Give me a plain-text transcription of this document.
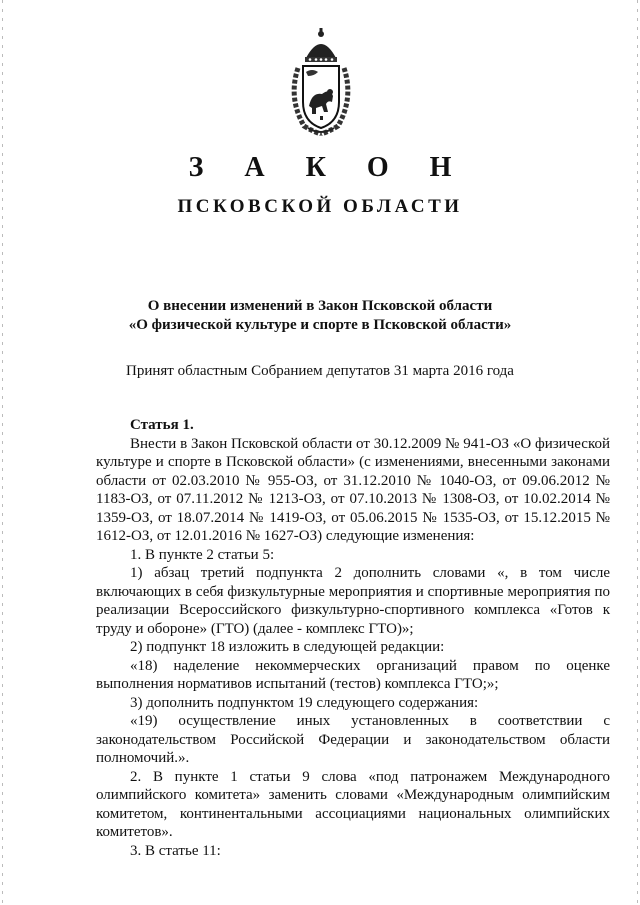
З А К О Н
ПСКОВСКОЙ ОБЛАСТИ
О внесении изменений в Закон Псковской области
«О физической культуре и спорте в Псковской области»
Принят областным Собранием депутатов 31 марта 2016 года

Статья 1.

Внести в Закон Псковской области от 30.12.2009 № 941-ОЗ «О физической культуре и спорте в Псковской области» (с изменениями, внесенными законами области от 02.03.2010 № 955-ОЗ, от 31.12.2010 № 1040-ОЗ, от 09.06.2012 № 1183-ОЗ, от 07.11.2012 № 1213-ОЗ, от 07.10.2013 № 1308-ОЗ, от 10.02.2014 № 1359-ОЗ, от 18.07.2014 № 1419-ОЗ, от 05.06.2015 № 1535-ОЗ, от 15.12.2015 № 1612-ОЗ, от 12.01.2016 № 1627-ОЗ) следующие изменения:

1. В пункте 2 статьи 5:

1) абзац третий подпункта 2 дополнить словами «, в том числе включающих в себя физкультурные мероприятия и спортивные мероприятия по реализации Всероссийского физкультурно-спортивного комплекса «Готов к труду и обороне» (ГТО) (далее - комплекс ГТО)»;

2) подпункт 18 изложить в следующей редакции:

«18) наделение некоммерческих организаций правом по оценке выполнения нормативов испытаний (тестов) комплекса ГТО;»;

3) дополнить подпунктом 19 следующего содержания:

«19) осуществление иных установленных в соответствии с законодательством Российской Федерации и законодательством области полномочий.».

2. В пункте 1 статьи 9 слова «под патронажем Международного олимпийского комитета» заменить словами «Международным олимпийским комитетом, континентальными ассоциациями национальных олимпийских комитетов».

3. В статье 11:
